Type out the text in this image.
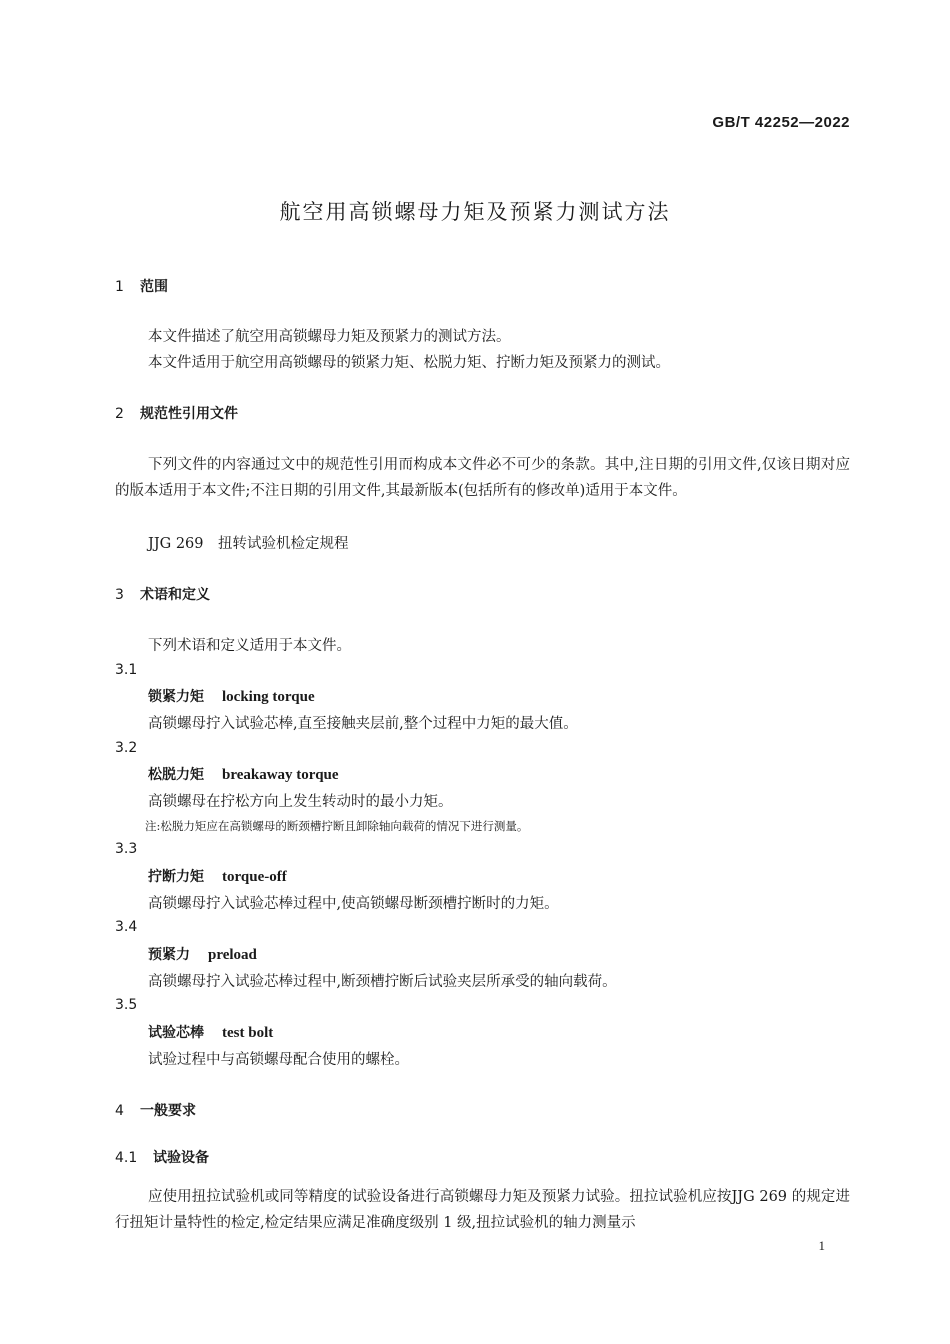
GB/T 42252—2022
航空用高锁螺母力矩及预紧力测试方法
1 范围
本文件描述了航空用高锁螺母力矩及预紧力的测试方法。
本文件适用于航空用高锁螺母的锁紧力矩、松脱力矩、拧断力矩及预紧力的测试。
2 规范性引用文件
下列文件的内容通过文中的规范性引用而构成本文件必不可少的条款。其中,注日期的引用文件,仅该日期对应的版本适用于本文件;不注日期的引用文件,其最新版本(包括所有的修改单)适用于本文件。
JJG 269　扭转试验机检定规程
3 术语和定义
下列术语和定义适用于本文件。
3.1
锁紧力矩 locking torque
高锁螺母拧入试验芯棒,直至接触夹层前,整个过程中力矩的最大值。
3.2
松脱力矩 breakaway torque
高锁螺母在拧松方向上发生转动时的最小力矩。
注:松脱力矩应在高锁螺母的断颈槽拧断且卸除轴向载荷的情况下进行测量。
3.3
拧断力矩 torque-off
高锁螺母拧入试验芯棒过程中,使高锁螺母断颈槽拧断时的力矩。
3.4
预紧力 preload
高锁螺母拧入试验芯棒过程中,断颈槽拧断后试验夹层所承受的轴向载荷。
3.5
试验芯棒 test bolt
试验过程中与高锁螺母配合使用的螺栓。
4 一般要求
4.1 试验设备
应使用扭拉试验机或同等精度的试验设备进行高锁螺母力矩及预紧力试验。扭拉试验机应按JJG 269 的规定进行扭矩计量特性的检定,检定结果应满足准确度级别 1 级,扭拉试验机的轴力测量示
1
